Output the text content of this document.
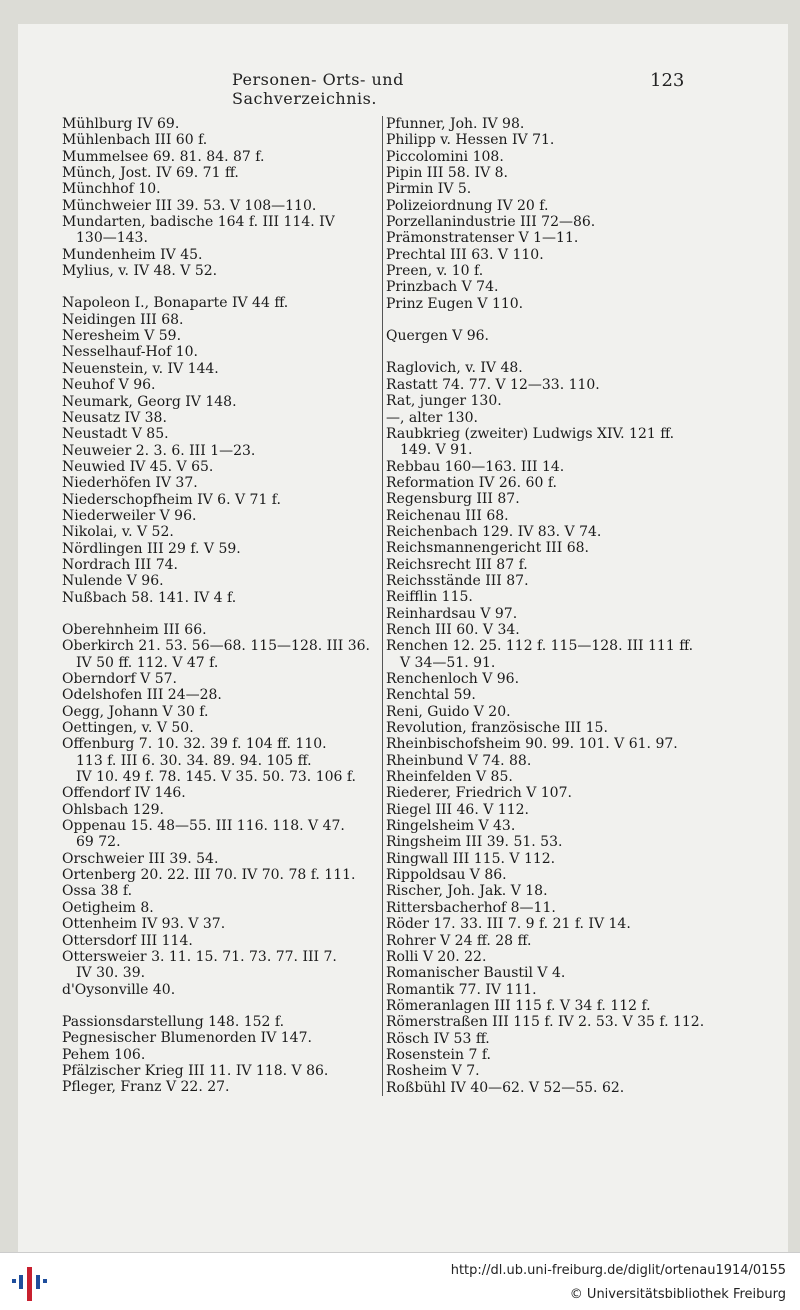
Personen- Orts- und Sachverzeichnis.
123
Mühlburg IV 69.
Mühlenbach III 60 f.
Mummelsee 69. 81. 84. 87 f.
Münch, Jost. IV 69. 71 ff.
Münchhof 10.
Münchweier III 39. 53. V 108—110.
Mundarten, badische 164 f. III 114. IV
130—143.
Mundenheim IV 45.
Mylius, v. IV 48. V 52.
Napoleon I., Bonaparte IV 44 ff.
Neidingen III 68.
Neresheim V 59.
Nesselhauf-Hof 10.
Neuenstein, v. IV 144.
Neuhof V 96.
Neumark, Georg IV 148.
Neusatz IV 38.
Neustadt V 85.
Neuweier 2. 3. 6. III 1—23.
Neuwied IV 45. V 65.
Niederhöfen IV 37.
Niederschopfheim IV 6. V 71 f.
Niederweiler V 96.
Nikolai, v. V 52.
Nördlingen III 29 f. V 59.
Nordrach III 74.
Nulende V 96.
Nußbach 58. 141. IV 4 f.
Oberehnheim III 66.
Oberkirch 21. 53. 56—68. 115—128. III 36.
IV 50 ff. 112. V 47 f.
Oberndorf V 57.
Odelshofen III 24—28.
Oegg, Johann V 30 f.
Oettingen, v. V 50.
Offenburg 7. 10. 32. 39 f. 104 ff. 110.
113 f. III 6. 30. 34. 89. 94. 105 ff.
IV 10. 49 f. 78. 145. V 35. 50. 73. 106 f.
Offendorf IV 146.
Ohlsbach 129.
Oppenau 15. 48—55. III 116. 118. V 47.
69 72.
Orschweier III 39. 54.
Ortenberg 20. 22. III 70. IV 70. 78 f. 111.
Ossa 38 f.
Oetigheim 8.
Ottenheim IV 93. V 37.
Ottersdorf III 114.
Ottersweier 3. 11. 15. 71. 73. 77. III 7.
IV 30. 39.
d'Oysonville 40.
Passionsdarstellung 148. 152 f.
Pegnesischer Blumenorden IV 147.
Pehem 106.
Pfälzischer Krieg III 11. IV 118. V 86.
Pfleger, Franz V 22. 27.
Pfunner, Joh. IV 98.
Philipp v. Hessen IV 71.
Piccolomini 108.
Pipin III 58. IV 8.
Pirmin IV 5.
Polizeiordnung IV 20 f.
Porzellanindustrie III 72—86.
Prämonstratenser V 1—11.
Prechtal III 63. V 110.
Preen, v. 10 f.
Prinzbach V 74.
Prinz Eugen V 110.
Quergen V 96.
Raglovich, v. IV 48.
Rastatt 74. 77. V 12—33. 110.
Rat, junger 130.
—, alter 130.
Raubkrieg (zweiter) Ludwigs XIV. 121 ff.
149. V 91.
Rebbau 160—163. III 14.
Reformation IV 26. 60 f.
Regensburg III 87.
Reichenau III 68.
Reichenbach 129. IV 83. V 74.
Reichsmannengericht III 68.
Reichsrecht III 87 f.
Reichsstände III 87.
Reifflin 115.
Reinhardsau V 97.
Rench III 60. V 34.
Renchen 12. 25. 112 f. 115—128. III 111 ff.
V 34—51. 91.
Renchenloch V 96.
Renchtal 59.
Reni, Guido V 20.
Revolution, französische III 15.
Rheinbischofsheim 90. 99. 101. V 61. 97.
Rheinbund V 74. 88.
Rheinfelden V 85.
Riederer, Friedrich V 107.
Riegel III 46. V 112.
Ringelsheim V 43.
Ringsheim III 39. 51. 53.
Ringwall III 115. V 112.
Rippoldsau V 86.
Rischer, Joh. Jak. V 18.
Rittersbacherhof 8—11.
Röder 17. 33. III 7. 9 f. 21 f. IV 14.
Rohrer V 24 ff. 28 ff.
Rolli V 20. 22.
Romanischer Baustil V 4.
Romantik 77. IV 111.
Römeranlagen III 115 f. V 34 f. 112 f.
Römerstraßen III 115 f. IV 2. 53. V 35 f. 112.
Rösch IV 53 ff.
Rosenstein 7 f.
Rosheim V 7.
Roßbühl IV 40—62. V 52—55. 62.
http://dl.ub.uni-freiburg.de/diglit/ortenau1914/0155
© Universitätsbibliothek Freiburg
